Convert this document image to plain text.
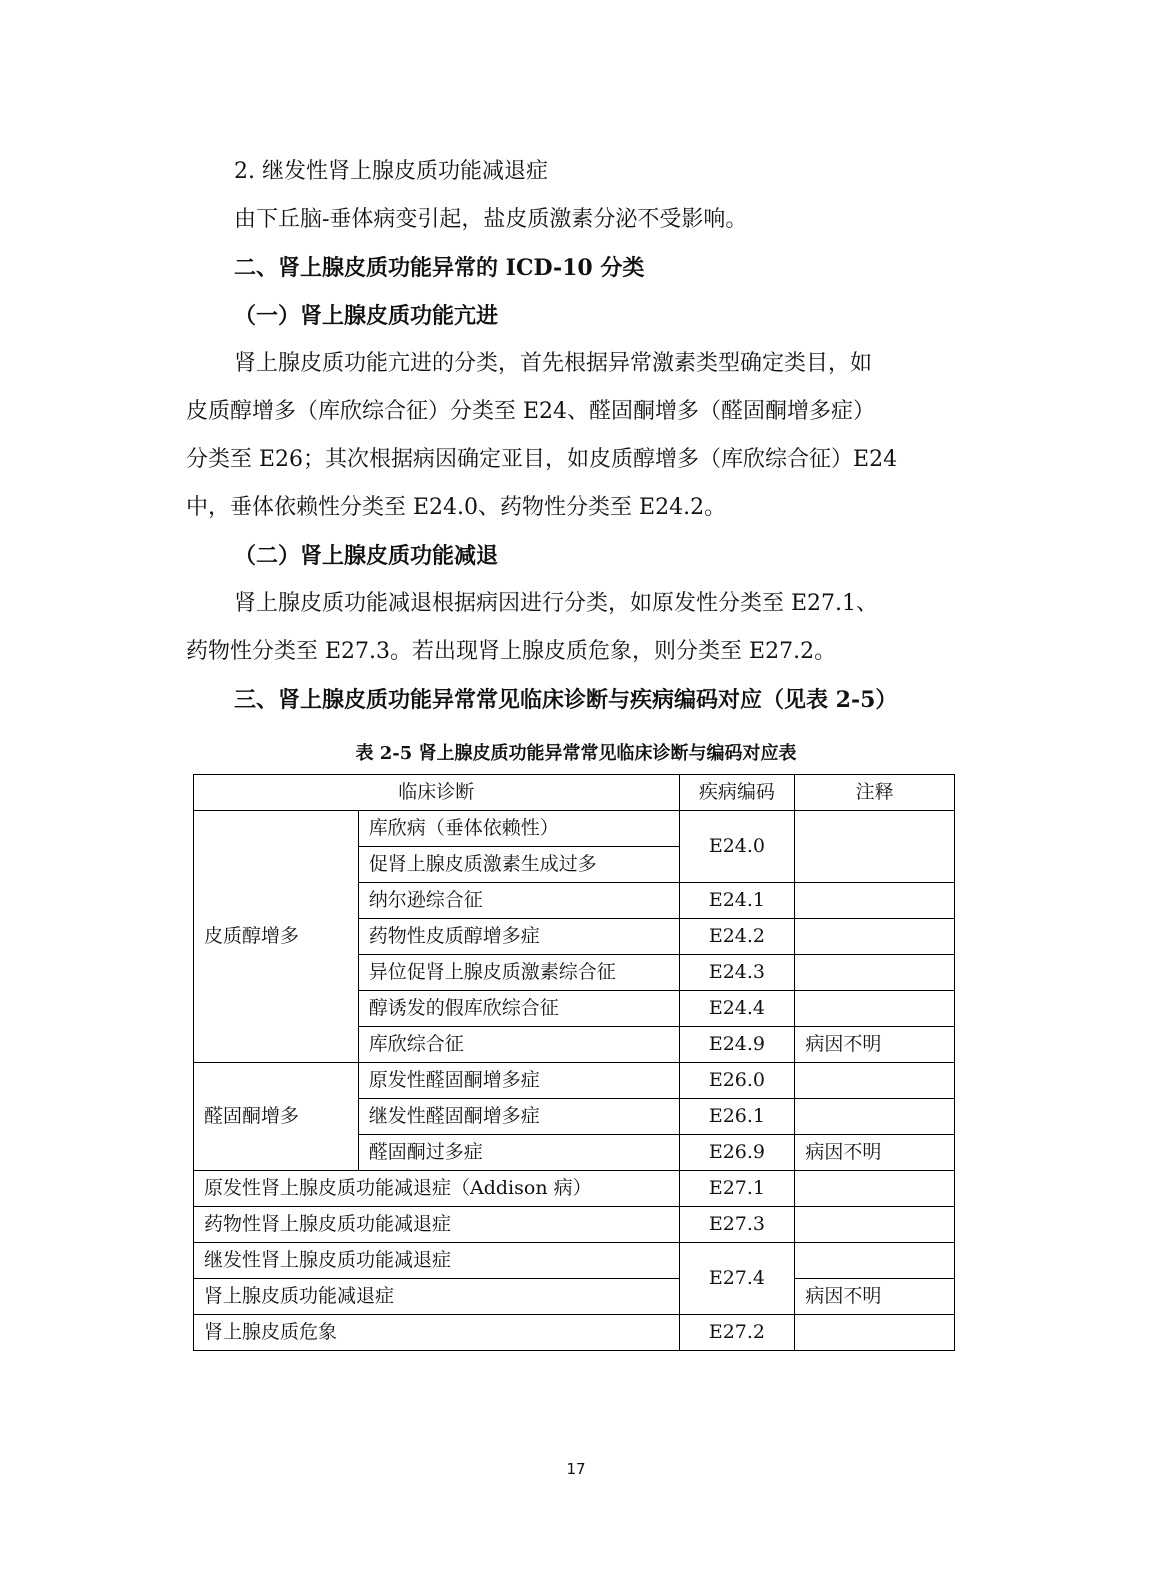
2. 继发性肾上腺皮质功能减退症
由下丘脑-垂体病变引起，盐皮质激素分泌不受影响。
二、肾上腺皮质功能异常的 ICD-10 分类
（一）肾上腺皮质功能亢进
肾上腺皮质功能亢进的分类，首先根据异常激素类型确定类目，如
皮质醇增多（库欣综合征）分类至 E24、醛固酮增多（醛固酮增多症）
分类至 E26；其次根据病因确定亚目，如皮质醇增多（库欣综合征）E24
中，垂体依赖性分类至 E24.0、药物性分类至 E24.2。
（二）肾上腺皮质功能减退
肾上腺皮质功能减退根据病因进行分类，如原发性分类至 E27.1、
药物性分类至 E27.3。若出现肾上腺皮质危象，则分类至 E27.2。
三、肾上腺皮质功能异常常见临床诊断与疾病编码对应（见表 2-5）
表 2-5 肾上腺皮质功能异常常见临床诊断与编码对应表
临床诊断		疾病编码	注释
皮质醇增多	库欣病（垂体依赖性）	E24.0	
	促肾上腺皮质激素生成过多		
	纳尔逊综合征	E24.1	
	药物性皮质醇增多症	E24.2	
	异位促肾上腺皮质激素综合征	E24.3	
	醇诱发的假库欣综合征	E24.4	
	库欣综合征	E24.9	病因不明
醛固酮增多	原发性醛固酮增多症	E26.0	
	继发性醛固酮增多症	E26.1	
	醛固酮过多症	E26.9	病因不明
原发性肾上腺皮质功能减退症（Addison 病）		E27.1	
药物性肾上腺皮质功能减退症		E27.3	
继发性肾上腺皮质功能减退症		E27.4	
肾上腺皮质功能减退症			病因不明
肾上腺皮质危象		E27.2	
17
